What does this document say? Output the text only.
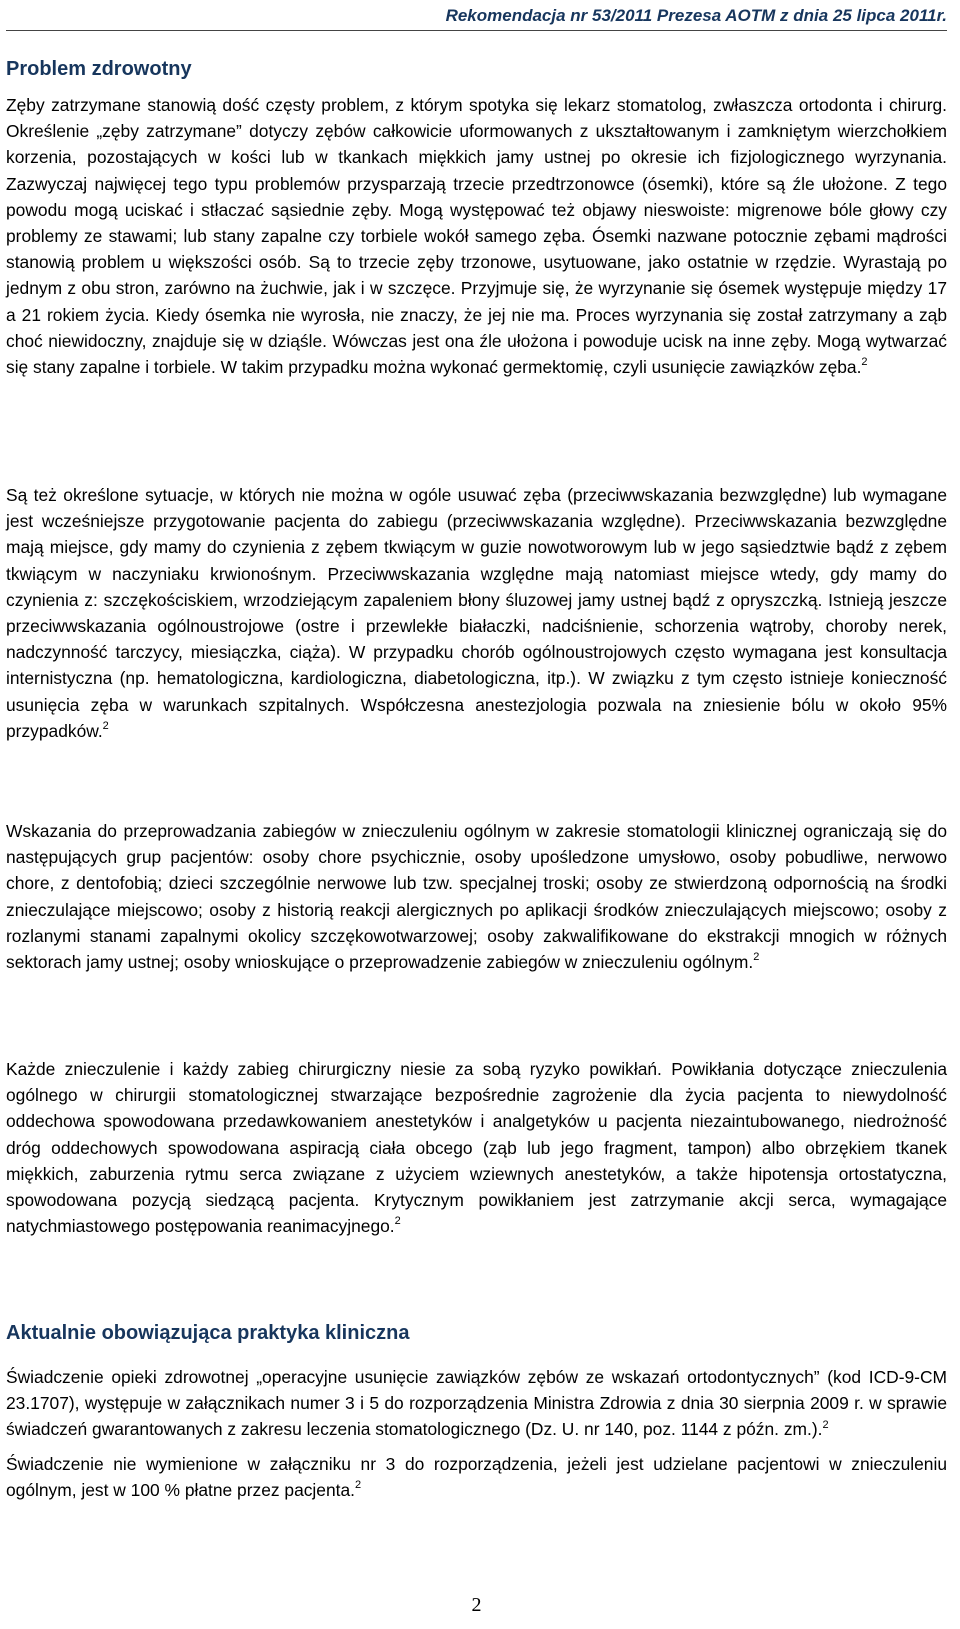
Rekomendacja nr 53/2011 Prezesa AOTM z dnia 25 lipca 2011r.
Problem zdrowotny

Zęby zatrzymane stanowią dość częsty problem, z którym spotyka się lekarz stomatolog, zwłaszcza ortodonta i chirurg. Określenie „zęby zatrzymane” dotyczy zębów całkowicie uformowanych z ukształtowanym i zamkniętym wierzchołkiem korzenia, pozostających w kości lub w tkankach miękkich jamy ustnej po okresie ich fizjologicznego wyrzynania. Zazwyczaj najwięcej tego typu problemów przysparzają trzecie przedtrzonowce (ósemki), które są źle ułożone. Z tego powodu mogą uciskać i stłaczać sąsiednie zęby. Mogą występować też objawy nieswoiste: migrenowe bóle głowy czy problemy ze stawami; lub stany zapalne czy torbiele wokół samego zęba. Ósemki nazwane potocznie zębami mądrości stanowią problem u większości osób. Są to trzecie zęby trzonowe, usytuowane, jako ostatnie w rzędzie. Wyrastają po jednym z obu stron, zarówno na żuchwie, jak i w szczęce. Przyjmuje się, że wyrzynanie się ósemek występuje między 17 a 21 rokiem życia. Kiedy ósemka nie wyrosła, nie znaczy, że jej nie ma. Proces wyrzynania się został zatrzymany a ząb choć niewidoczny, znajduje się w dziąśle. Wówczas jest ona źle ułożona i powoduje ucisk na inne zęby. Mogą wytwarzać się stany zapalne i torbiele. W takim przypadku można wykonać germektomię, czyli usunięcie zawiązków zęba.$^2$

Są też określone sytuacje, w których nie można w ogóle usuwać zęba (przeciwwskazania bezwzględne) lub wymagane jest wcześniejsze przygotowanie pacjenta do zabiegu (przeciwwskazania względne). Przeciwwskazania bezwzględne mają miejsce, gdy mamy do czynienia z zębem tkwiącym w guzie nowotworowym lub w jego sąsiedztwie bądź z zębem tkwiącym w naczyniaku krwionośnym. Przeciwwskazania względne mają natomiast miejsce wtedy, gdy mamy do czynienia z: szczękościskiem, wrzodziejącym zapaleniem błony śluzowej jamy ustnej bądź z opryszczką. Istnieją jeszcze przeciwwskazania ogólnoustrojowe (ostre i przewlekłe białaczki, nadciśnienie, schorzenia wątroby, choroby nerek, nadczynność tarczycy, miesiączka, ciąża). W przypadku chorób ogólnoustrojowych często wymagana jest konsultacja internistyczna (np. hematologiczna, kardiologiczna, diabetologiczna, itp.). W związku z tym często istnieje konieczność usunięcia zęba w warunkach szpitalnych. Współczesna anestezjologia pozwala na zniesienie bólu w około 95% przypadków.$^2$

Wskazania do przeprowadzania zabiegów w znieczuleniu ogólnym w zakresie stomatologii klinicznej ograniczają się do następujących grup pacjentów: osoby chore psychicznie, osoby upośledzone umysłowo, osoby pobudliwe, nerwowo chore, z dentofobią; dzieci szczególnie nerwowe lub tzw. specjalnej troski; osoby ze stwierdzoną odpornością na środki znieczulające miejscowo; osoby z historią reakcji alergicznych po aplikacji środków znieczulających miejscowo; osoby z rozlanymi stanami zapalnymi okolicy szczękowotwarzowej; osoby zakwalifikowane do ekstrakcji mnogich w różnych sektorach jamy ustnej; osoby wnioskujące o przeprowadzenie zabiegów w znieczuleniu ogólnym.$^2$

Każde znieczulenie i każdy zabieg chirurgiczny niesie za sobą ryzyko powikłań. Powikłania dotyczące znieczulenia ogólnego w chirurgii stomatologicznej stwarzające bezpośrednie zagrożenie dla życia pacjenta to niewydolność oddechowa spowodowana przedawkowaniem anestetyków i analgetyków u pacjenta niezaintubowanego, niedrożność dróg oddechowych spowodowana aspiracją ciała obcego (ząb lub jego fragment, tampon) albo obrzękiem tkanek miękkich, zaburzenia rytmu serca związane z użyciem wziewnych anestetyków, a także hipotensja ortostatyczna, spowodowana pozycją siedzącą pacjenta. Krytycznym powikłaniem jest zatrzymanie akcji serca, wymagające natychmiastowego postępowania reanimacyjnego.$^2$

Aktualnie obowiązująca praktyka kliniczna

Świadczenie opieki zdrowotnej „operacyjne usunięcie zawiązków zębów ze wskazań ortodontycznych” (kod ICD-9-CM 23.1707), występuje w załącznikach numer 3 i 5 do rozporządzenia Ministra Zdrowia z dnia 30 sierpnia 2009 r. w sprawie świadczeń gwarantowanych z zakresu leczenia stomatologicznego (Dz. U. nr 140, poz. 1144 z późn. zm.).$^2$

Świadczenie nie wymienione w załączniku nr 3 do rozporządzenia, jeżeli jest udzielane pacjentowi w znieczuleniu ogólnym, jest w 100 % płatne przez pacjenta.$^2$

2
